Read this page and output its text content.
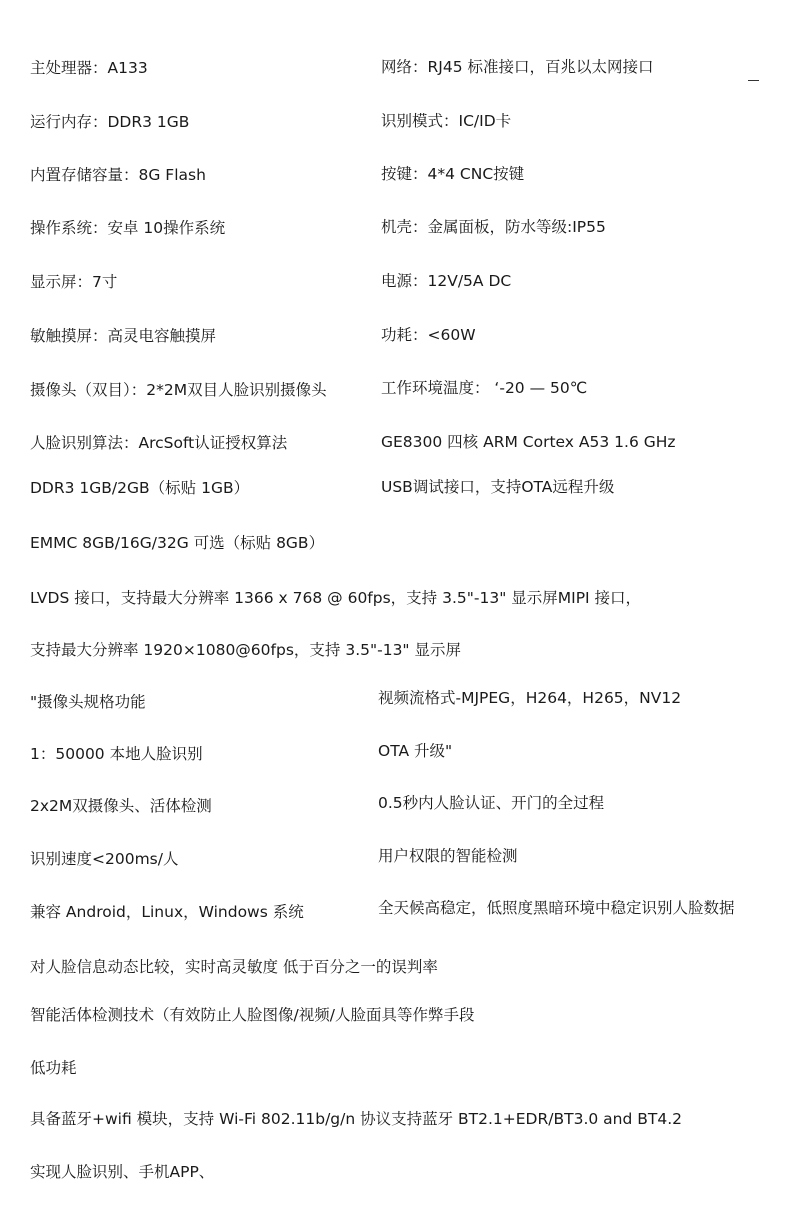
主处理器：A133	网络：RJ45 标准接口，百兆以太网接口
运行内存：DDR3 1GB	识别模式：IC/ID卡
内置存储容量：8G Flash	按键：4*4 CNC按键
操作系统：安卓 10操作系统	机壳：金属面板，防水等级:IP55
显示屏：7寸	电源：12V/5A DC
敏触摸屏：高灵电容触摸屏	功耗：<60W
摄像头（双目）：2*2M双目人脸识别摄像头	工作环境温度： ‘-20 — 50℃
人脸识别算法：ArcSoft认证授权算法	GE8300 四核 ARM Cortex A53 1.6 GHz
DDR3 1GB/2GB（标贴 1GB）	USB调试接口，支持OTA远程升级
EMMC 8GB/16G/32G 可选（标贴 8GB）
LVDS 接口，支持最大分辨率 1366 x 768 @ 60fps，支持 3.5"-13" 显示屏MIPI 接口，
支持最大分辨率 1920×1080@60fps，支持 3.5"-13" 显示屏
"摄像头规格功能	视频流格式-MJPEG，H264，H265，NV12
1：50000 本地人脸识别	OTA 升级"
2x2M双摄像头、活体检测	0.5秒内人脸认证、开门的全过程
识别速度<200ms/人	用户权限的智能检测
兼容 Android，Linux，Windows 系统	全天候高稳定，低照度黑暗环境中稳定识别人脸数据
对人脸信息动态比较，实时高灵敏度 低于百分之一的误判率
智能活体检测技术（有效防止人脸图像/视频/人脸面具等作弊手段
低功耗
具备蓝牙+wifi 模块，支持 Wi-Fi 802.11b/g/n 协议支持蓝牙 BT2.1+EDR/BT3.0 and BT4.2
实现人脸识别、手机APP、
